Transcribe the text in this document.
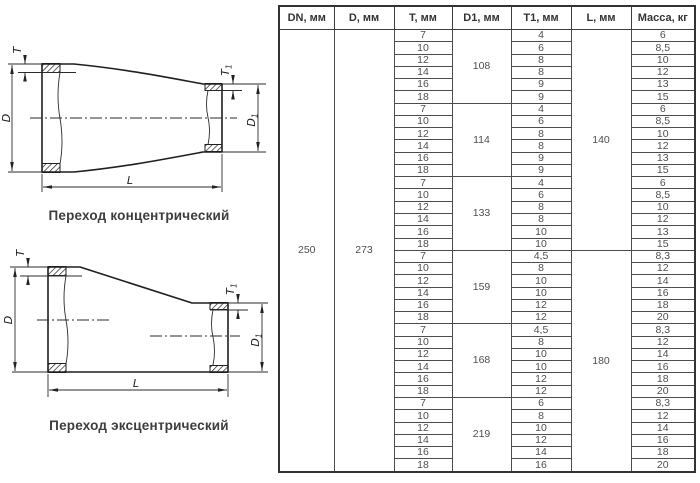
D
T
$T_1$
$D_1$
L
Переход концентрический
D
T
$T_1$
$D_1$
L
Переход эксцентрический
DN, мм	D, мм	T, мм	D1, мм	T1, мм	L, мм	Масса, кг
250	273	7	108	4	140	6
		10		6		8,5
		12		8		10
		14		8		12
		16		9		13
		18		9		15
		7	114	4		6
		10		6		8,5
		12		8		10
		14		8		12
		16		9		13
		18		9		15
		7	133	4		6
		10		6		8,5
		12		8		10
		14		8		12
		16		10		13
		18		10		15
		7	159	4,5	180	8,3
		10		8		12
		12		10		14
		14		10		16
		16		12		18
		18		12		20
		7	168	4,5		8,3
		10		8		12
		12		10		14
		14		10		16
		16		12		18
		18		12		20
		7	219	6		8,3
		10		8		12
		12		10		14
		14		12		16
		16		14		18
		18		16		20
